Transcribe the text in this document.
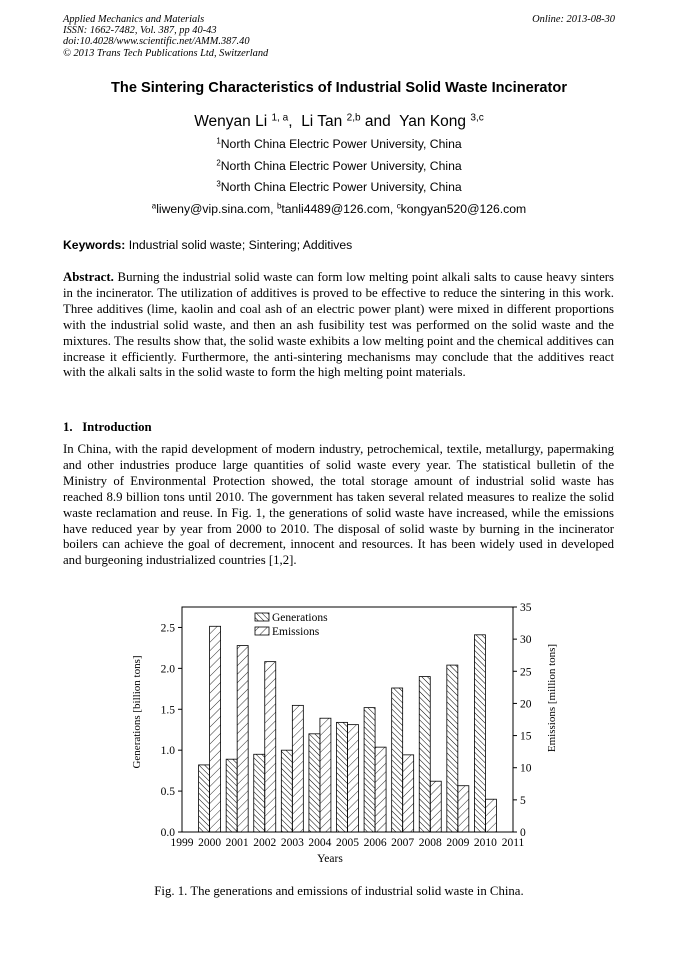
Applied Mechanics and Materials
ISSN: 1662-7482, Vol. 387, pp 40-43
doi:10.4028/www.scientific.net/AMM.387.40
© 2013 Trans Tech Publications Ltd, Switzerland
Online: 2013-08-30
The Sintering Characteristics of Industrial Solid Waste Incinerator
Wenyan Li $^{1, a}$,  Li Tan $^{2,b}$ and  Yan Kong $^{3,c}$
$^1$North China Electric Power University, China
$^2$North China Electric Power University, China
$^3$North China Electric Power University, China
$^a$liweny@vip.sina.com, $^b$tanli4489@126.com, $^c$kongyan520@126.com
Keywords: Industrial solid waste; Sintering; Additives

Abstract. Burning the industrial solid waste can form low melting point alkali salts to cause heavy sinters in the incinerator. The utilization of additives is proved to be effective to reduce the sintering in this work. Three additives (lime, kaolin and coal ash of an electric power plant) were mixed in different proportions with the industrial solid waste, and then an ash fusibility test was performed on the solid waste and the mixtures. The results show that, the solid waste exhibits a low melting point and the chemical additives can increase it efficiently. Furthermore, the anti-sintering mechanisms may conclude that the additives react with the alkali salts in the solid waste to form the high melting point materials.

1.   Introduction

In China, with the rapid development of modern industry, petrochemical, textile, metallurgy, papermaking and other industries produce large quantities of solid waste every year. The statistical bulletin of the Ministry of Environmental Protection showed, the total storage amount of industrial solid waste has reached 8.9 billion tons until 2010. The government has taken several related measures to realize the solid waste reclamation and reuse. In Fig. 1, the generations of solid waste have increased, while the emissions have reduced year by year from 2000 to 2010. The disposal of solid waste by burning in the incinerator boilers can achieve the goal of decrement, innocent and resources. It has been widely used in developed and burgeoning industrialized countries [1,2].

1999 2000 2001 2002 2003 2004 2005 2006 2007 2008 2009 2010 2011
0.0
0.5
1.0
1.5
2.0
2.5
0
5
10
15
20
25
30
35
Generations
Emissions
Years
Generations [billion tons]	Emissions [million tons]
Fig. 1. The generations and emissions of industrial solid waste in China.
